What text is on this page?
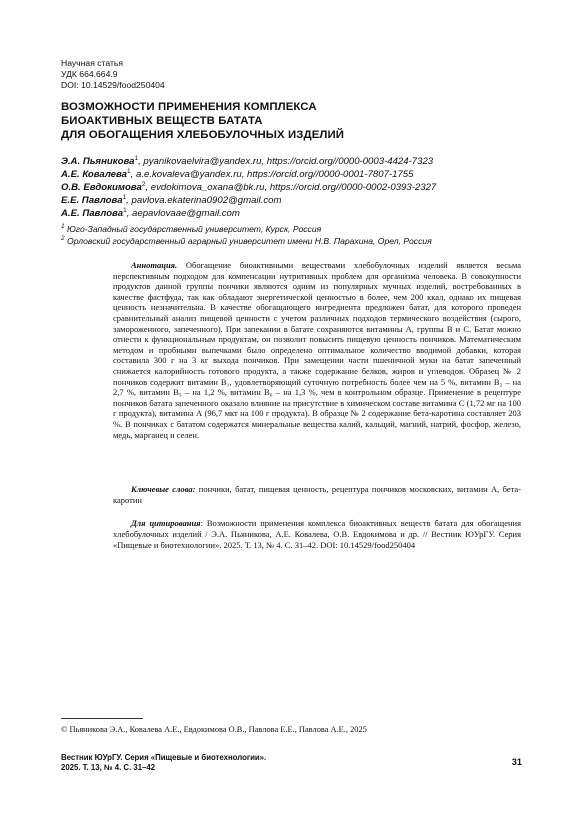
Научная статья
УДК 664.664.9
DOI: 10.14529/food250404
ВОЗМОЖНОСТИ ПРИМЕНЕНИЯ КОМПЛЕКСА
БИОАКТИВНЫХ ВЕЩЕСТВ БАТАТА
ДЛЯ ОБОГАЩЕНИЯ ХЛЕБОБУЛОЧНЫХ ИЗДЕЛИЙ
Э.А. Пьяникова$^1$, pyanikovaelvira@yandex.ru, https://orcid.org//0000-0003-4424-7323
А.Е. Ковалева$^1$, a.e.kovaleva@yandex.ru, https://orcid.org//0000-0001-7807-1755
О.В. Евдокимова$^2$, evdokimova_oxana@bk.ru, https://orcid.org//0000-0002-0393-2327
Е.Е. Павлова$^1$, pavlova.ekaterina0902@gmail.com
А.Е. Павлова$^1$, aepavlovaae@gmail.com
$^1$ Юго-Западный государственный университет, Курск, Россия
$^2$ Орловский государственный аграрный университет имени Н.В. Парахина, Орел, Россия

Аннотация. Обогащение биоактивными веществами хлебобулочных изделий является весьма перспективным подходом для компенсации нутритивных проблем для организма человека. В совокупности продуктов данной группы пончики являются одним из популярных мучных изделий, востребованных в качестве фастфуда, так как обладают энергетической ценностью в более, чем 200 ккал, однако их пищевая ценность незначительна. В качестве обогащающего ингредиента предложен батат, для которого проведен сравнительный анализ пищевой ценности с учетом различных подходов термического воздействия (сырого, замороженного, запеченного). При запекании в батате сохраняются витамины А, группы В и С. Батат можно отнести к функциональным продуктам, он позволит повысить пищевую ценность пончиков. Математическим методом и пробными выпечками было определено оптимальное количество вводимой добавки, которая составила 300 г на 3 кг выхода пончиков. При замещении части пшеничной муки на батат запеченный снижается калорийность готового продукта, а также содержание белков, жиров и углеводов. Образец № 2 пончиков содержит витамин B₁, удовлетворяющий суточную потребность более чем на 5 %, витамин B₂ – на 2,7 %, витамин B₅ – на 1,2 %, витамин B₆ – на 1,3 %, чем в контрольном образце. Применение в рецептуре пончиков батата запеченного оказало влияние на присутствие в химическом составе витамина С (1,72 мг на 100 г продукта), витамина А (96,7 мкт на 100 г продукта). В образце № 2 содержание бета-каротина составляет 203 %. В пончиках с бататом содержатся минеральные вещества калий, кальций, магний, натрий, фосфор, железо, медь, марганец и селен.

Ключевые слова: пончики, батат, пищевая ценность, рецептура пончиков московских, витамин А, бета-каротин

Для цитирования: Возможности применения комплекса биоактивных веществ батата для обогащения хлебобулочных изделий / Э.А. Пьяникова, А.Е. Ковалева, О.В. Евдокимова и др. // Вестник ЮУрГУ. Серия «Пищевые и биотехнологии». 2025. Т. 13, № 4. С. 31–42. DOI: 10.14529/food250404

© Пьяникова Э.А., Ковалева А.Е., Евдокимова О.В., Павлова Е.Е., Павлова А.Е., 2025
Вестник ЮУрГУ. Серия «Пищевые и биотехнологии».
2025. Т. 13, № 4. С. 31–42
31
